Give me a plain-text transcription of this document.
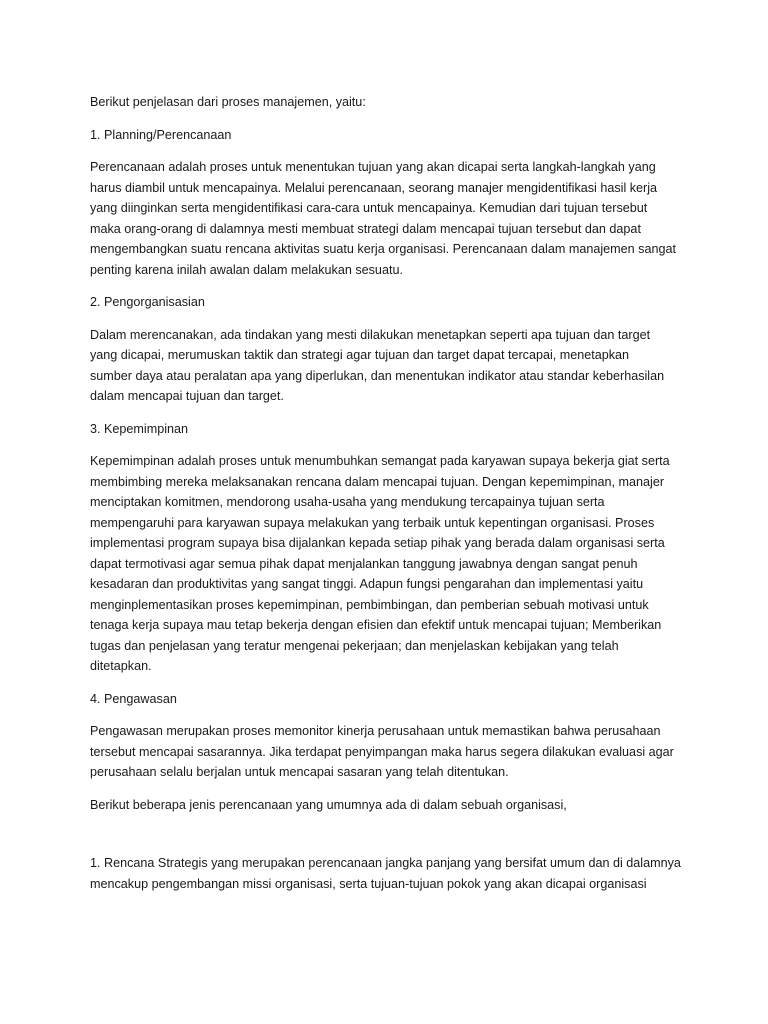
Berikut penjelasan dari proses manajemen, yaitu:

1. Planning/Perencanaan

Perencanaan adalah proses untuk menentukan tujuan yang akan dicapai serta langkah-langkah yang
harus diambil untuk mencapainya. Melalui perencanaan, seorang manajer mengidentifikasi hasil kerja
yang diinginkan serta mengidentifikasi cara-cara untuk mencapainya. Kemudian dari tujuan tersebut
maka orang-orang di dalamnya mesti membuat strategi dalam mencapai tujuan tersebut dan dapat
mengembangkan suatu rencana aktivitas suatu kerja organisasi. Perencanaan dalam manajemen sangat
penting karena inilah awalan dalam melakukan sesuatu.

2. Pengorganisasian

Dalam merencanakan, ada tindakan yang mesti dilakukan menetapkan seperti apa tujuan dan target
yang dicapai, merumuskan taktik dan strategi agar tujuan dan target dapat tercapai, menetapkan
sumber daya atau peralatan apa yang diperlukan, dan menentukan indikator atau standar keberhasilan
dalam mencapai tujuan dan target.

3. Kepemimpinan

Kepemimpinan adalah proses untuk menumbuhkan semangat pada karyawan supaya bekerja giat serta
membimbing mereka melaksanakan rencana dalam mencapai tujuan. Dengan kepemimpinan, manajer
menciptakan komitmen, mendorong usaha-usaha yang mendukung tercapainya tujuan serta
mempengaruhi para karyawan supaya melakukan yang terbaik untuk kepentingan organisasi. Proses
implementasi program supaya bisa dijalankan kepada setiap pihak yang berada dalam organisasi serta
dapat termotivasi agar semua pihak dapat menjalankan tanggung jawabnya dengan sangat penuh
kesadaran dan produktivitas yang sangat tinggi. Adapun fungsi pengarahan dan implementasi yaitu
menginplementasikan proses kepemimpinan, pembimbingan, dan pemberian sebuah motivasi untuk
tenaga kerja supaya mau tetap bekerja dengan efisien dan efektif untuk mencapai tujuan; Memberikan
tugas dan penjelasan yang teratur mengenai pekerjaan; dan menjelaskan kebijakan yang telah
ditetapkan.

4. Pengawasan

Pengawasan merupakan proses memonitor kinerja perusahaan untuk memastikan bahwa perusahaan
tersebut mencapai sasarannya. Jika terdapat penyimpangan maka harus segera dilakukan evaluasi agar
perusahaan selalu berjalan untuk mencapai sasaran yang telah ditentukan.

Berikut beberapa jenis perencanaan yang umumnya ada di dalam sebuah organisasi,

1. Rencana Strategis yang merupakan perencanaan jangka panjang yang bersifat umum dan di dalamnya
mencakup pengembangan missi organisasi, serta tujuan-tujuan pokok yang akan dicapai organisasi
